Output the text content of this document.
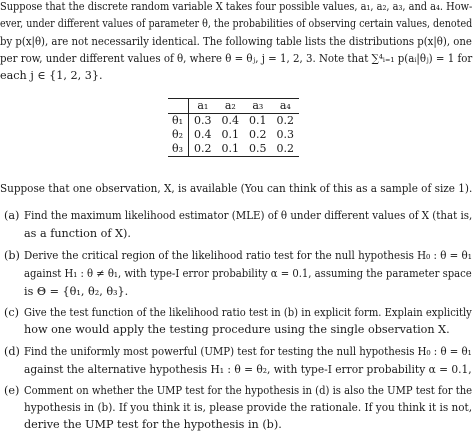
Suppose that the discrete random variable X takes four possible values, a₁, a₂, a₃, and a₄. How-
ever, under different values of parameter θ, the probabilities of observing certain values, denoted
by p(x|θ), are not necessarily identical. The following table lists the distributions p(x|θ), one
per row, under different values of θ, where θ = θⱼ, j = 1, 2, 3. Note that ∑⁴ᵢ₌₁ p(aᵢ|θⱼ) = 1 for
each j ∈ {1, 2, 3}.
	a₁	a₂	a₃	a₄
θ₁	0.3	0.4	0.1	0.2
θ₂	0.4	0.1	0.2	0.3
θ₃	0.2	0.1	0.5	0.2
Suppose that one observation, X, is available (You can think of this as a sample of size 1).
(a) Find the maximum likelihood estimator (MLE) of θ under different values of X (that is,
as a function of X).
(b) Derive the critical region of the likelihood ratio test for the null hypothesis H₀ : θ = θ₁
against H₁ : θ ≠ θ₁, with type-I error probability α = 0.1, assuming the parameter space
is Θ = {θ₁, θ₂, θ₃}.
(c) Give the test function of the likelihood ratio test in (b) in explicit form. Explain explicitly
how one would apply the testing procedure using the single observation X.
(d) Find the uniformly most powerful (UMP) test for testing the null hypothesis H₀ : θ = θ₁
against the alternative hypothesis H₁ : θ = θ₂, with type-I error probability α = 0.1,
(e) Comment on whether the UMP test for the hypothesis in (d) is also the UMP test for the
hypothesis in (b). If you think it is, please provide the rationale. If you think it is not,
derive the UMP test for the hypothesis in (b).
